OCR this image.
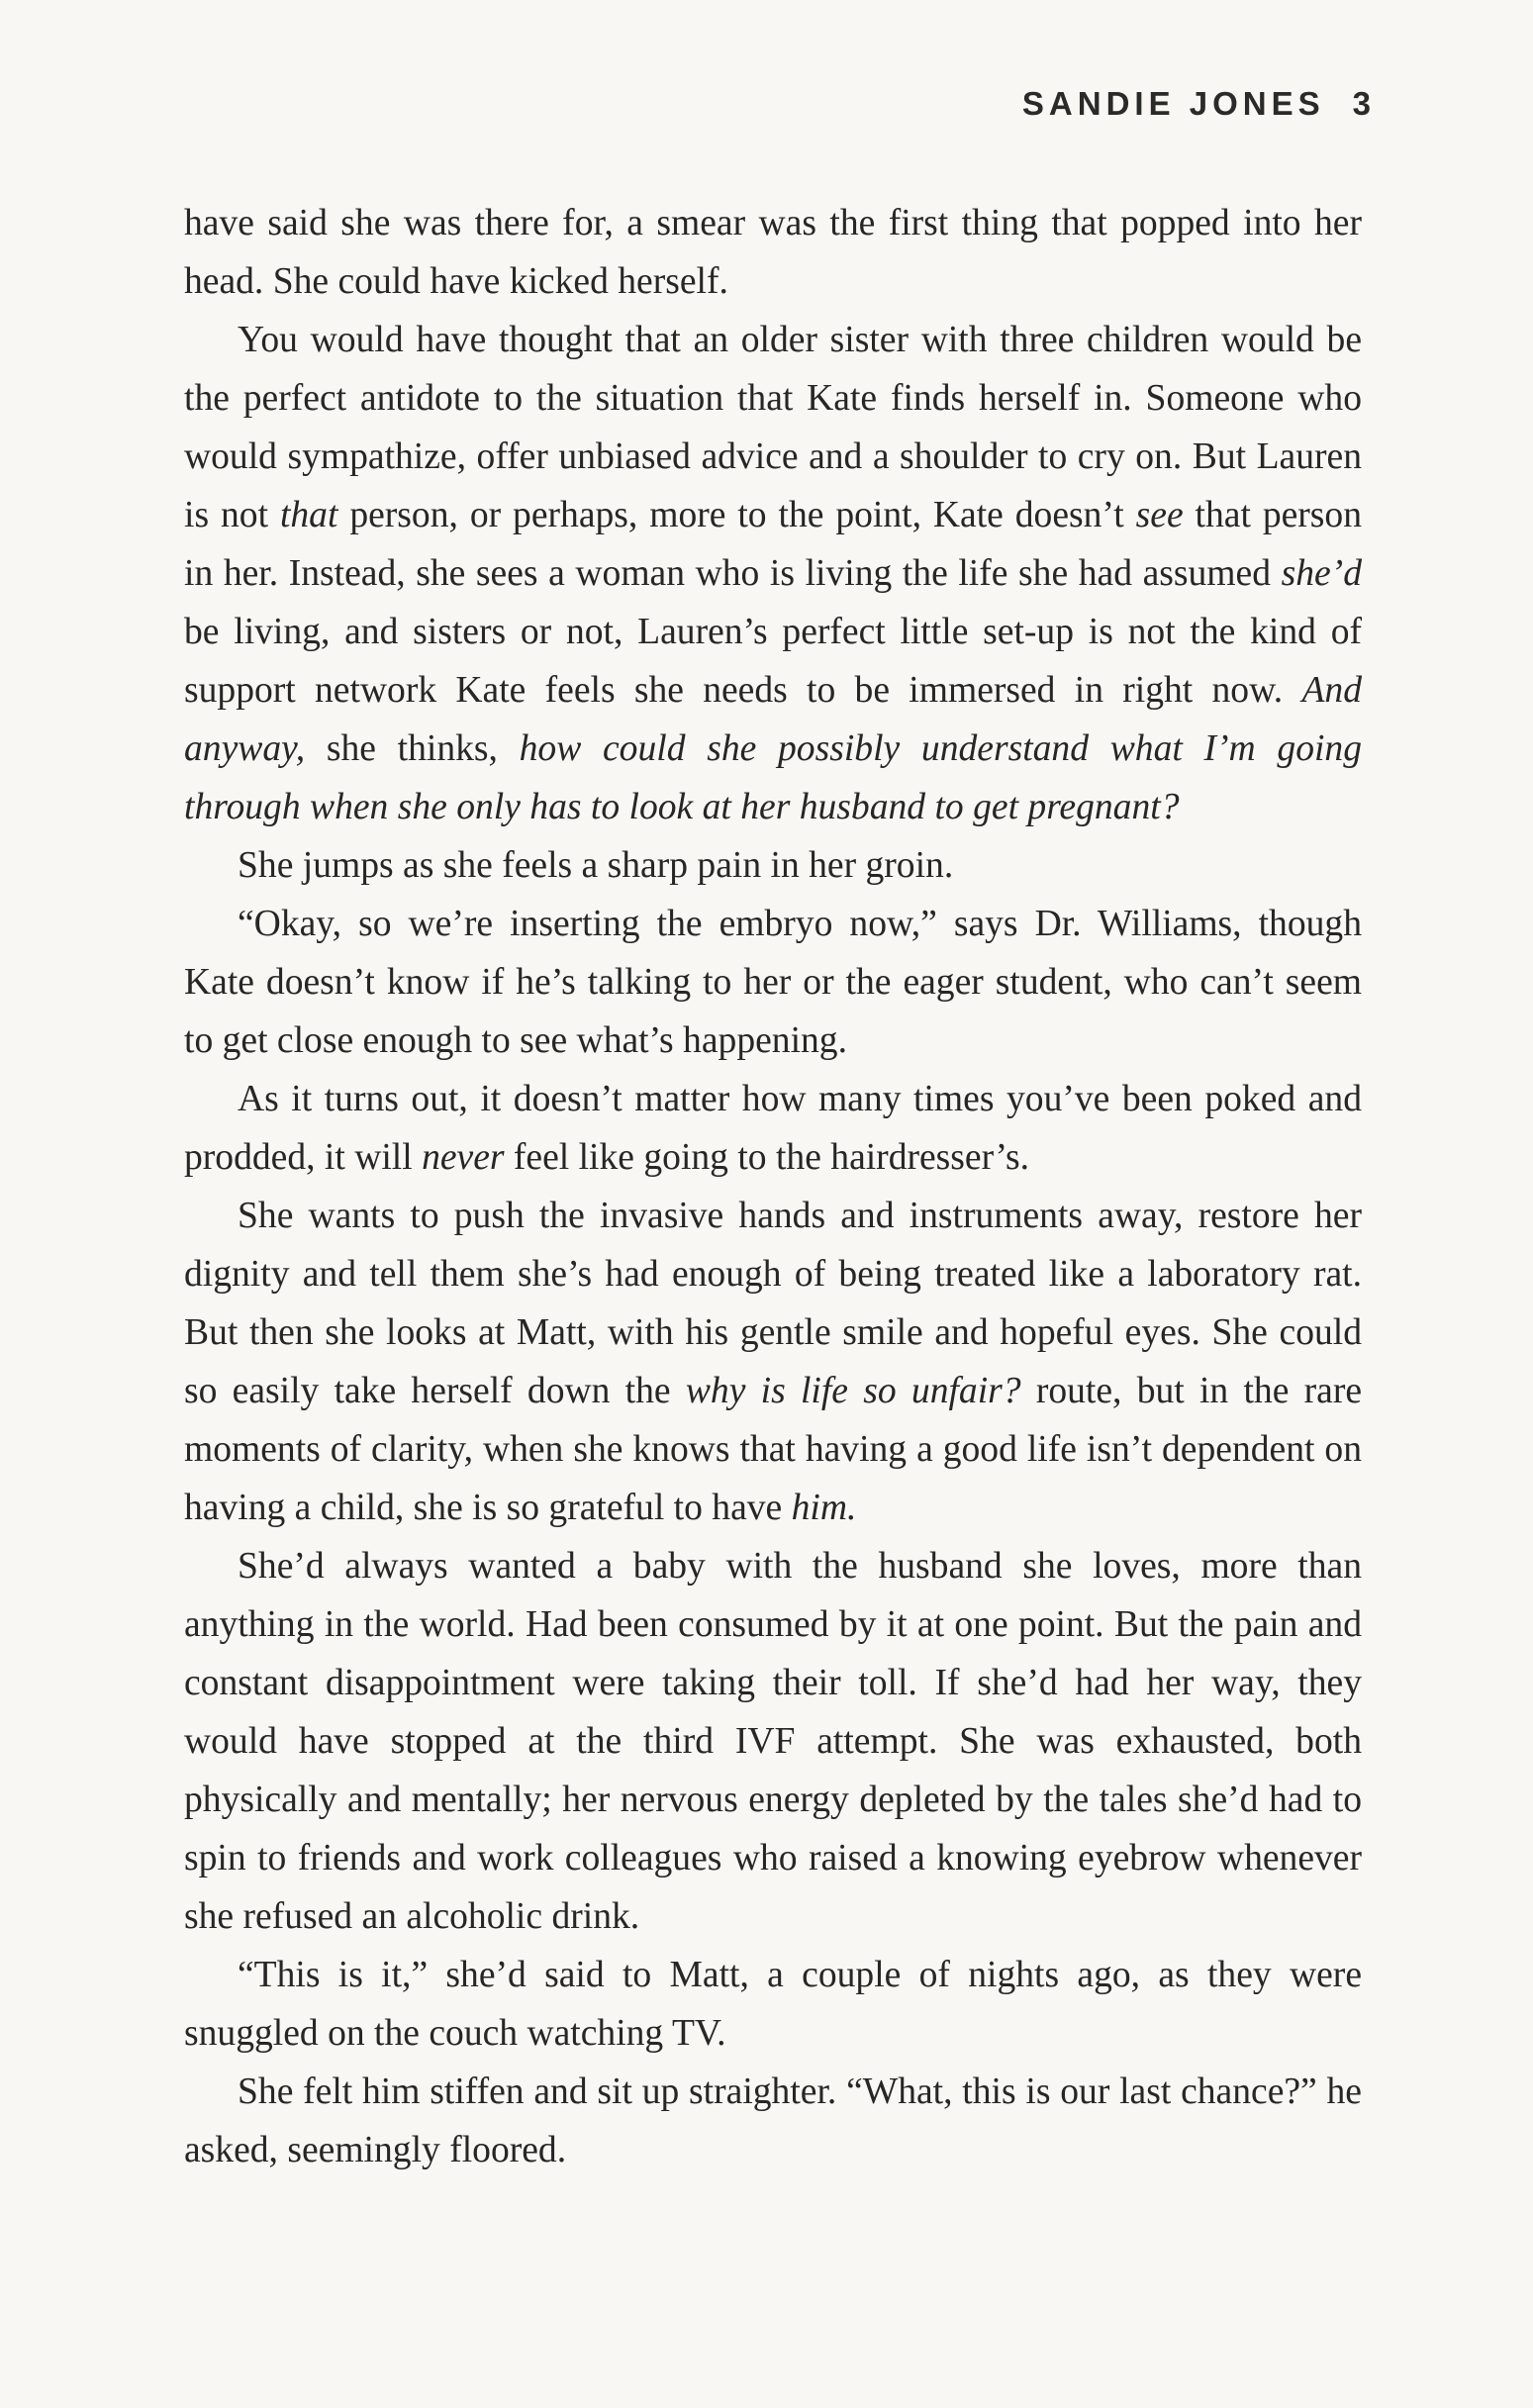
SANDIE JONES 3

have said she was there for, a smear was the first thing that popped into her head. She could have kicked herself.

You would have thought that an older sister with three children would be the perfect antidote to the situation that Kate finds herself in. Someone who would sympathize, offer unbiased advice and a shoulder to cry on. But Lauren is not that person, or perhaps, more to the point, Kate doesn’t see that person in her. Instead, she sees a woman who is living the life she had assumed she’d be living, and sisters or not, Lauren’s perfect little set-up is not the kind of support network Kate feels she needs to be immersed in right now. And anyway, she thinks, how could she possibly understand what I’m going through when she only has to look at her husband to get pregnant?

She jumps as she feels a sharp pain in her groin.

“Okay, so we’re inserting the embryo now,” says Dr. Williams, though Kate doesn’t know if he’s talking to her or the eager student, who can’t seem to get close enough to see what’s happening.

As it turns out, it doesn’t matter how many times you’ve been poked and prodded, it will never feel like going to the hairdresser’s.

She wants to push the invasive hands and instruments away, restore her dignity and tell them she’s had enough of being treated like a laboratory rat. But then she looks at Matt, with his gentle smile and hopeful eyes. She could so easily take herself down the why is life so unfair? route, but in the rare moments of clarity, when she knows that having a good life isn’t dependent on having a child, she is so grateful to have him.

She’d always wanted a baby with the husband she loves, more than anything in the world. Had been consumed by it at one point. But the pain and constant disappointment were taking their toll. If she’d had her way, they would have stopped at the third IVF attempt. She was exhausted, both physically and mentally; her nervous energy depleted by the tales she’d had to spin to friends and work colleagues who raised a knowing eyebrow whenever she refused an alcoholic drink.

“This is it,” she’d said to Matt, a couple of nights ago, as they were snuggled on the couch watching TV.

She felt him stiffen and sit up straighter. “What, this is our last chance?” he asked, seemingly floored.
